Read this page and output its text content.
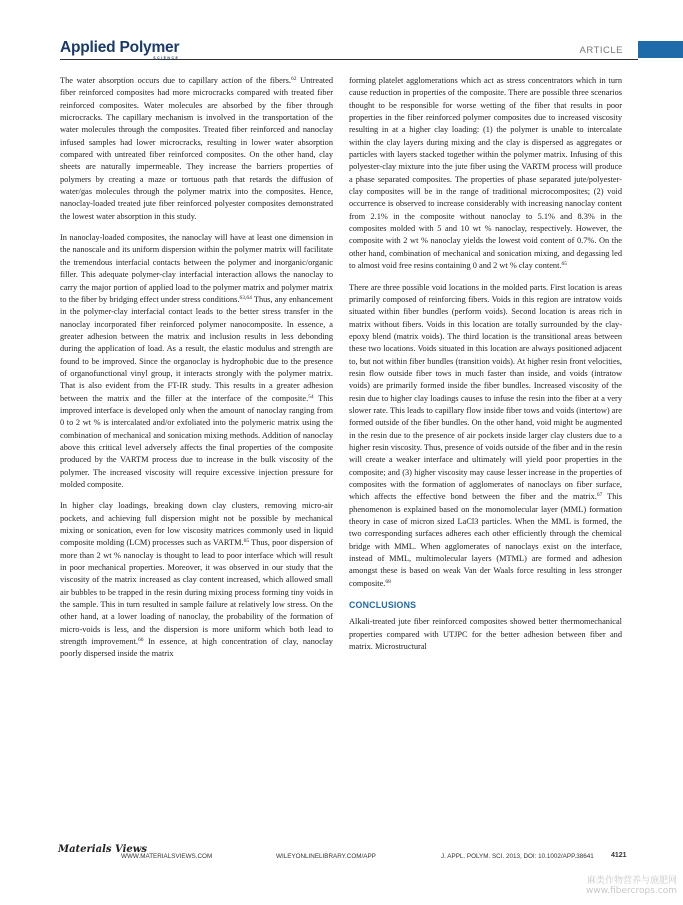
Applied Polymer
SCIENCE
ARTICLE

The water absorption occurs due to capillary action of the fibers.$^{62}$ Untreated fiber reinforced composites had more microcracks compared with treated fiber reinforced composites. Water molecules are absorbed by the fiber through microcracks. The capillary mechanism is involved in the transportation of the water molecules through the composites. Treated fiber reinforced and nanoclay infused samples had lower microcracks, resulting in lower water absorption compared with untreated fiber reinforced composites. On the other hand, clay sheets are naturally impermeable. They increase the barriers properties of polymers by creating a maze or tortuous path that retards the diffusion of water/gas molecules through the polymer matrix into the composites. Hence, nanoclay-loaded treated jute fiber reinforced polyester composites demonstrated the lowest water absorption in this study.

In nanoclay-loaded composites, the nanoclay will have at least one dimension in the nanoscale and its uniform dispersion within the polymer matrix will facilitate the tremendous interfacial contacts between the polymer and inorganic/organic filler. This adequate polymer-clay interfacial interaction allows the nanoclay to carry the major portion of applied load to the polymer matrix and polymer matrix to the fiber by bridging effect under stress conditions.$^{63,64}$ Thus, any enhancement in the polymer-clay interfacial contact leads to the better stress transfer in the nanoclay incorporated fiber reinforced polymer nanocomposite. In essence, a greater adhesion between the matrix and inclusion results in less debonding during the application of load. As a result, the elastic modulus and strength are found to be improved. Since the organoclay is hydrophobic due to the presence of organofunctional vinyl group, it interacts strongly with the polymer matrix. That is also evident from the FT-IR study. This results in a greater adhesion between the matrix and the filler at the interface of the composite.$^{54}$ This improved interface is developed only when the amount of nanoclay ranging from 0 to 2 wt % is intercalated and/or exfoliated into the polymeric matrix using the combination of mechanical and sonication mixing methods. Addition of nanoclay above this critical level adversely affects the final properties of the composite produced by the VARTM process due to increase in the bulk viscosity of the polymer. The increased viscosity will require excessive injection pressure for molded composite.

In higher clay loadings, breaking down clay clusters, removing micro-air pockets, and achieving full dispersion might not be possible by mechanical mixing or sonication, even for low viscosity matrices commonly used in liquid composite molding (LCM) processes such as VARTM.$^{65}$ Thus, poor dispersion of more than 2 wt % nanoclay is thought to lead to poor interface which will result in poor mechanical properties. Moreover, it was observed in our study that the viscosity of the matrix increased as clay content increased, which allowed small air bubbles to be trapped in the resin during mixing process forming tiny voids in the sample. This in turn resulted in sample failure at relatively low stress. On the other hand, at a lower loading of nanoclay, the probability of the formation of micro-voids is less, and the dispersion is more uniform which both lead to strength improvement.$^{66}$ In essence, at high concentration of clay, nanoclay poorly dispersed inside the matrix

forming platelet agglomerations which act as stress concentrators which in turn cause reduction in properties of the composite. There are possible three scenarios thought to be responsible for worse wetting of the fiber that results in poor properties in the fiber reinforced polymer composites due to increased viscosity resulting in at a higher clay loading: (1) the polymer is unable to intercalate within the clay layers during mixing and the clay is dispersed as aggregates or particles with layers stacked together within the polymer matrix. Infusing of this polyester-clay mixture into the jute fiber using the VARTM process will produce a phase separated composites. The properties of phase separated jute/polyester-clay composites will be in the range of traditional microcomposites; (2) void occurrence is observed to increase considerably with increasing nanoclay content from 2.1% in the composite without nanoclay to 5.1% and 8.3% in the composites molded with 5 and 10 wt % nanoclay, respectively. However, the composite with 2 wt % nanoclay yields the lowest void content of 0.7%. On the other hand, combination of mechanical and sonication mixing, and degassing led to almost void free resins containing 0 and 2 wt % clay content.$^{65}$

There are three possible void locations in the molded parts. First location is areas primarily composed of reinforcing fibers. Voids in this region are intratow voids situated within fiber bundles (perform voids). Second location is areas rich in matrix without fibers. Voids in this location are totally surrounded by the clay-epoxy blend (matrix voids). The third location is the transitional areas between these two locations. Voids situated in this location are always positioned adjacent to, but not within fiber bundles (transition voids). At higher resin front velocities, resin flow outside fiber tows in much faster than inside, and voids (intratow voids) are primarily formed inside the fiber bundles. Increased viscosity of the resin due to higher clay loadings causes to infuse the resin into the fiber at a very slower rate. This leads to capillary flow inside fiber tows and voids (intertow) are formed outside of the fiber bundles. On the other hand, void might be augmented in the resin due to the presence of air pockets inside larger clay clusters due to a higher resin viscosity. Thus, presence of voids outside of the fiber and in the resin will create a weaker interface and ultimately will yield poor properties in the composite; and (3) higher viscosity may cause lesser increase in the properties of composites with the formation of agglomerates of nanoclays on fiber surface, which affects the effective bond between the fiber and the matrix.$^{67}$ This phenomenon is explained based on the monomolecular layer (MML) formation theory in case of micron sized LaCl3 particles. When the MML is formed, the two corresponding surfaces adheres each other efficiently through the chemical bridge with MML. When agglomerates of nanoclays exist on the interface, instead of MML, multimolecular layers (MTML) are formed and adhesion amongst these is based on weak Van der Waals force resulting in less stronger composite.$^{68}$

CONCLUSIONS

Alkali-treated jute fiber reinforced composites showed better thermomechanical properties compared with UTJPC for the better adhesion between fiber and matrix. Microstructural

Materials Views
WWW.MATERIALSVIEWS.COM	WILEYONLINELIBRARY.COM/APP	J. APPL. POLYM. SCI. 2013, DOI: 10.1002/APP.38641 4121
麻类作物营养与施肥网
www.fibercrops.com
